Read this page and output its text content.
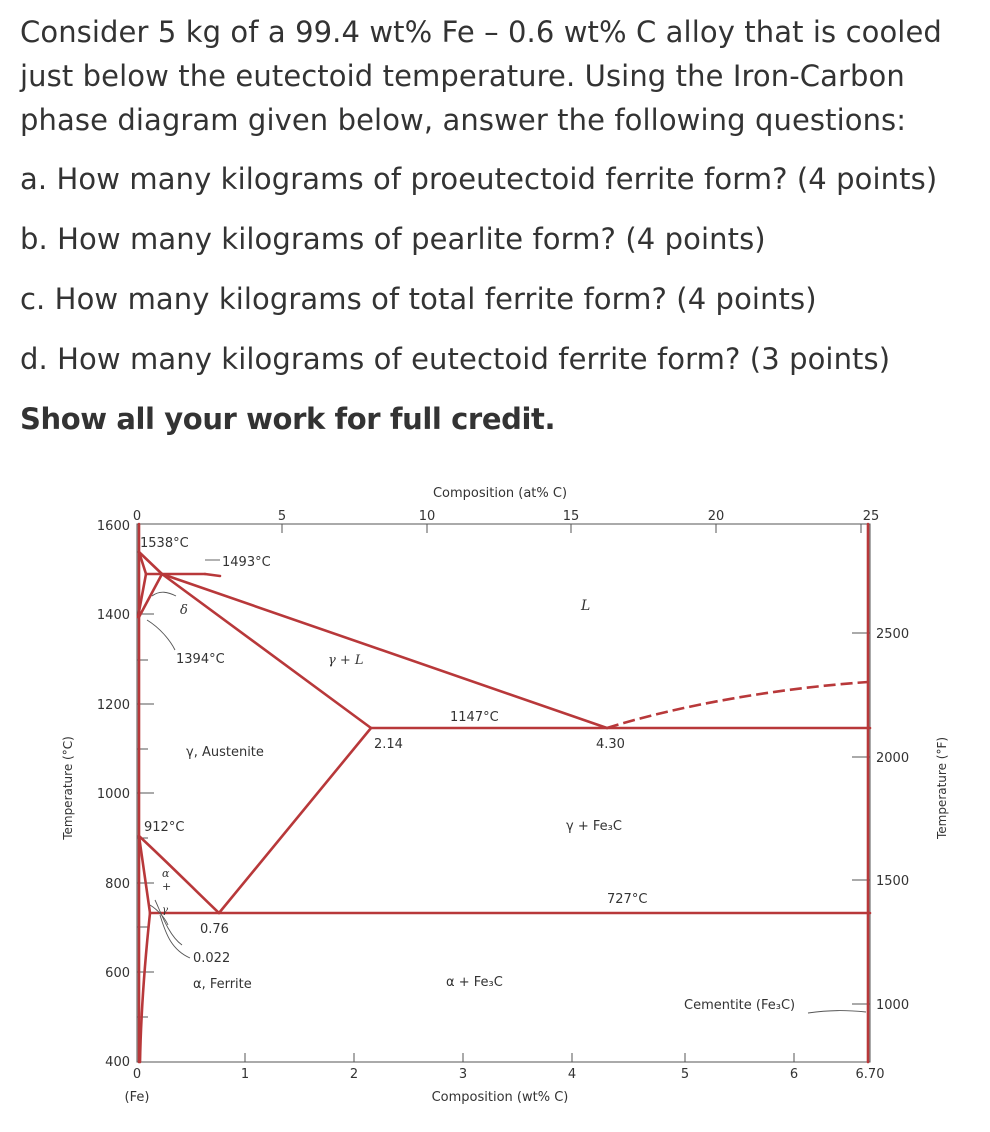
Consider 5 kg of a 99.4 wt% Fe – 0.6 wt% C alloy that is cooled
just below the eutectoid temperature. Using the Iron-Carbon
phase diagram given below, answer the following questions:

a. How many kilograms of proeutectoid ferrite form? (4 points)

b. How many kilograms of pearlite form? (4 points)

c. How many kilograms of total ferrite form? (4 points)

d. How many kilograms of eutectoid ferrite form? (3 points)

Show all your work for full credit.

Composition (at% C)
Composition (wt% C)
(Fe)
Temperature (°C)	Temperature (°F)
0	5	10	15	20	25
0	1	2	3	4	5	6	6.70
1600
1400
1200
1000
800
600
400
2500
2000
1500
1000
1538°C
1493°C
δ
1394°C	γ + L
L
1147°C
2.14	4.30
γ, Austenite
912°C	γ + Fe₃C
α
+
γ
727°C
0.76
0.022
α, Ferrite	α + Fe₃C
Cementite (Fe₃C)
